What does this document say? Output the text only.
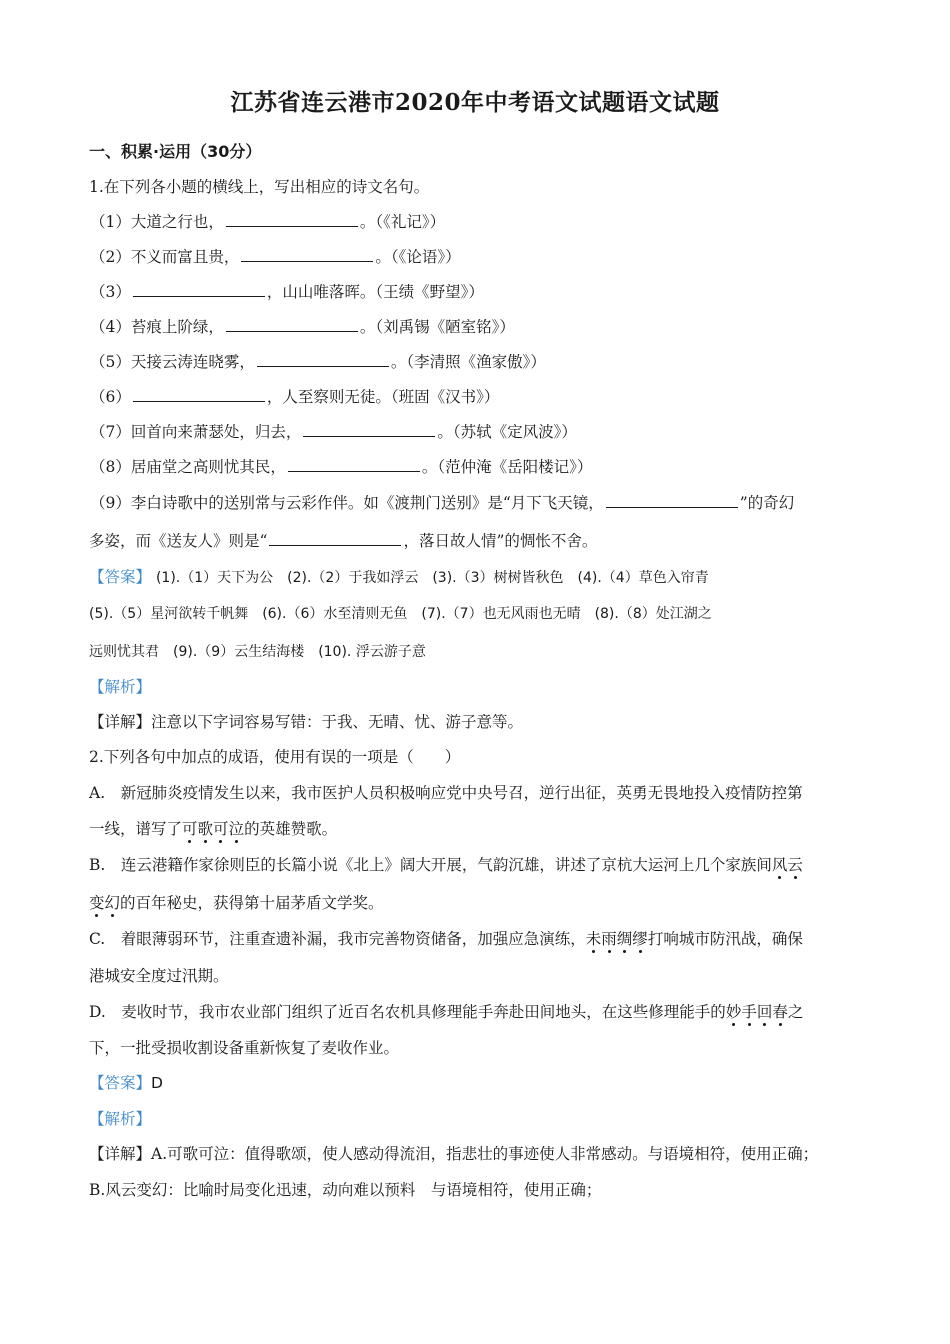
江苏省连云港市2020年中考语文试题语文试题
一、积累·运用（30分）
1.在下列各小题的横线上，写出相应的诗文名句。
（1）大道之行也，	。（《礼记》）
（2）不义而富且贵，	。（《论语》）
（3）	，山山唯落晖。（王绩《野望》）
（4）苔痕上阶绿，	。（刘禹锡《陋室铭》）
（5）天接云涛连晓雾，	。（李清照《渔家傲》）
（6）	，人至察则无徒。（班固《汉书》）
（7）回首向来萧瑟处，归去，	。（苏轼《定风波》）
（8）居庙堂之高则忧其民，	。（范仲淹《岳阳楼记》）
（9）李白诗歌中的送别常与云彩作伴。如《渡荆门送别》是“月下飞天镜，	”的奇幻
多姿，而《送友人》则是“	，落日故人情”的惆怅不舍。
【答案】 (1).（1）天下为公　(2).（2）于我如浮云　(3).（3）树树皆秋色　(4).（4）草色入帘青
(5).（5）星河欲转千帆舞　(6).（6）水至清则无鱼　(7).（7）也无风雨也无晴　(8).（8）处江湖之
远则忧其君　(9).（9）云生结海楼　(10). 浮云游子意
【解析】
【详解】注意以下字词容易写错：于我、无晴、忧、游子意等。
2.下列各句中加点的成语，使用有误的一项是（　　）
A.　新冠肺炎疫情发生以来，我市医护人员积极响应党中央号召，逆行出征，英勇无畏地投入疫情防控第
一线，谱写了可歌可泣的英雄赞歌。
B.　连云港籍作家徐则臣的长篇小说《北上》阔大开展，气韵沉雄，讲述了京杭大运河上几个家族间风云
变幻的百年秘史，获得第十届茅盾文学奖。
C.　着眼薄弱环节，注重查遗补漏，我市完善物资储备，加强应急演练，未雨绸缪打响城市防汛战，确保
港城安全度过汛期。
D.　麦收时节，我市农业部门组织了近百名农机具修理能手奔赴田间地头，在这些修理能手的妙手回春之
下，一批受损收割设备重新恢复了麦收作业。
【答案】D
【解析】
【详解】A.可歌可泣：值得歌颂，使人感动得流泪，指悲壮的事迹使人非常感动。与语境相符，使用正确；
B.风云变幻：比喻时局变化迅速，动向难以预料　与语境相符，使用正确；
